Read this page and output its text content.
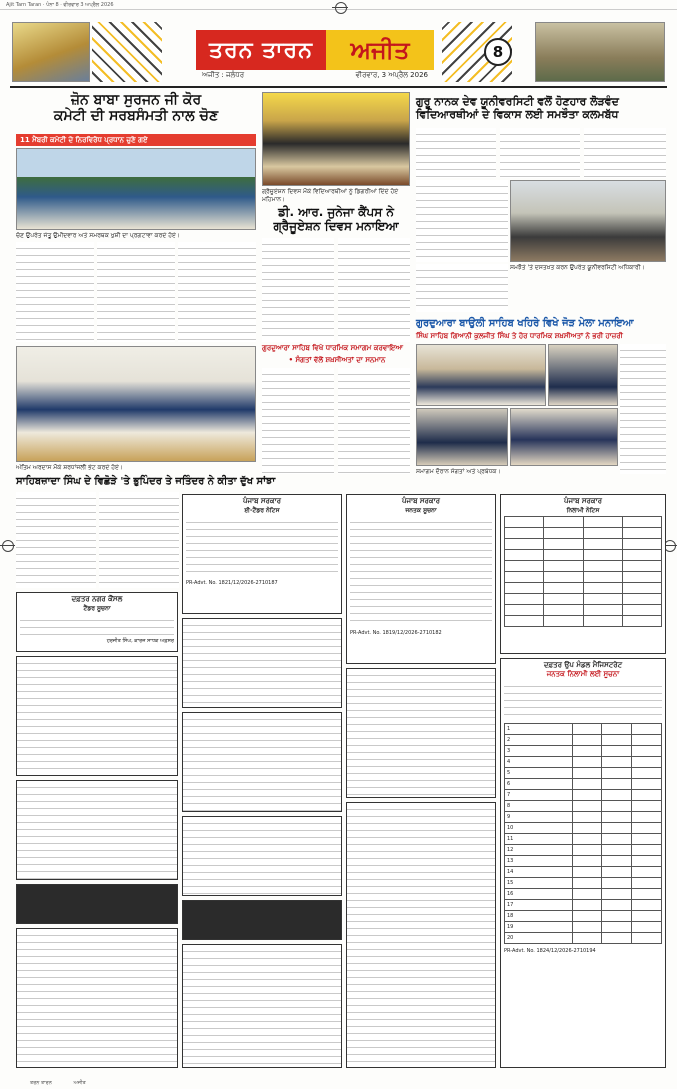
Ajit Tarn Taran · ਪੰਨਾ 8 · ਵੀਰਵਾਰ 3 ਅਪ੍ਰੈਲ 2026
ਤਰਨ ਤਾਰਨ	ਅਜੀਤ
ਅਜੀਤ : ਜਲੰਧਰ	ਵੀਰਵਾਰ, 3 ਅਪ੍ਰੈਲ 2026
8
ਜ਼ੋਨ ਬਾਬਾ ਸੁਰਜਨ ਜੀ ਕੋਰ
ਕਮੇਟੀ ਦੀ ਸਰਬਸੰਮਤੀ ਨਾਲ ਚੋਣ
11 ਮੈਂਬਰੀ ਕਮੇਟੀ ਦੇ ਨਿਰਵਿਰੋਧ ਪ੍ਰਧਾਨ ਚੁਣੇ ਗਏ
ਚੋਣ ਉਪਰੰਤ ਜੇਤੂ ਉਮੀਦਵਾਰ ਅਤੇ ਸਮਰਥਕ ਖੁਸ਼ੀ ਦਾ ਪ੍ਰਗਟਾਵਾ ਕਰਦੇ ਹੋਏ।
ਗ੍ਰੈਜੂਏਸ਼ਨ ਦਿਵਸ ਮੌਕੇ ਵਿਦਿਆਰਥੀਆਂ ਨੂੰ ਡਿਗਰੀਆਂ ਦਿੰਦੇ ਹੋਏ ਮਹਿਮਾਨ।
ਡੀ. ਆਰ. ਜੁਨੇਜਾ ਕੈਂਪਸ ਨੇ
ਗ੍ਰੈਜੂਏਸ਼ਨ ਦਿਵਸ ਮਨਾਇਆ
ਗੁਰੂ ਨਾਨਕ ਦੇਵ ਯੂਨੀਵਰਸਿਟੀ ਵਲੋਂ ਹੋਣਹਾਰ ਲੋੜਵੰਦ
ਵਿਦਿਆਰਥੀਆਂ ਦੇ ਵਿਕਾਸ ਲਈ ਸਮਝੌਤਾ ਕਲਮਬੱਧ
ਸਮਝੌਤੇ 'ਤੇ ਦਸਤਖ਼ਤ ਕਰਨ ਉਪਰੰਤ ਯੂਨੀਵਰਸਿਟੀ ਅਧਿਕਾਰੀ।
ਗੁਰਦੁਆਰਾ ਬਾਉਲੀ ਸਾਹਿਬ ਖਹਿਰੇ ਵਿਖੇ ਜੋੜ ਮੇਲਾ ਮਨਾਇਆ
ਸਿੰਘ ਸਾਹਿਬ ਗਿਆਨੀ ਕੁਲਜੀਤ ਸਿੰਘ ਤੇ ਹੋਰ ਧਾਰਮਿਕ ਸ਼ਖ਼ਸੀਅਤਾਂ ਨੇ ਭਰੀ ਹਾਜ਼ਰੀ
ਸਮਾਗਮ ਦੌਰਾਨ ਸੰਗਤਾਂ ਅਤੇ ਪ੍ਰਬੰਧਕ।
ਗੁਰਦੁਆਰਾ ਸਾਹਿਬ ਵਿਖੇ ਧਾਰਮਿਕ ਸਮਾਗਮ ਕਰਵਾਇਆ
• ਸੰਗਤਾਂ ਵੱਲੋਂ ਸ਼ਖ਼ਸੀਅਤਾਂ ਦਾ ਸਨਮਾਨ
ਅੰਤਿਮ ਅਰਦਾਸ ਮੌਕੇ ਸ਼ਰਧਾਂਜਲੀ ਭੇਟ ਕਰਦੇ ਹੋਏ।
ਸਾਹਿਬਜ਼ਾਦਾ ਸਿੰਘ ਦੇ ਵਿਛੋੜੇ 'ਤੇ ਭੁਪਿੰਦਰ ਤੇ ਜਤਿੰਦਰ ਨੇ ਕੀਤਾ ਦੁੱਖ ਸਾਂਝਾ
ਪੰਜਾਬ ਸਰਕਾਰ
ਈ-ਟੈਂਡਰ ਨੋਟਿਸ
PR-Advt. No. 1821/12/2026-2710187
ਪੰਜਾਬ ਸਰਕਾਰ
ਜਨਤਕ ਸੂਚਨਾ
PR-Advt. No. 1819/12/2026-2710182
ਪੰਜਾਬ ਸਰਕਾਰ
ਨਿਲਾਮੀ ਨੋਟਿਸ

ਦਫ਼ਤਰ ਨਗਰ ਕੌਂਸਲ
ਟੈਂਡਰ ਸੂਚਨਾ
ਹਰਜੀਤ ਸਿੰਘ, ਕਾਰਜ ਸਾਧਕ ਅਫ਼ਸਰ
ਦਫ਼ਤਰ ਉਪ ਮੰਡਲ ਮੈਜਿਸਟਰੇਟ
ਜਨਤਕ ਨਿਲਾਮੀ ਲਈ ਸੂਚਨਾ
1			
2			
3			
4			
5			
6			
7			
8			
9			
10			
11			
12			
13			
14			
15			
16			
17			
18			
19			
20			
PR-Advt. No. 1824/12/2026-2710194
ਤਰਨ ਤਾਰਨ	ਅਜੀਤ
